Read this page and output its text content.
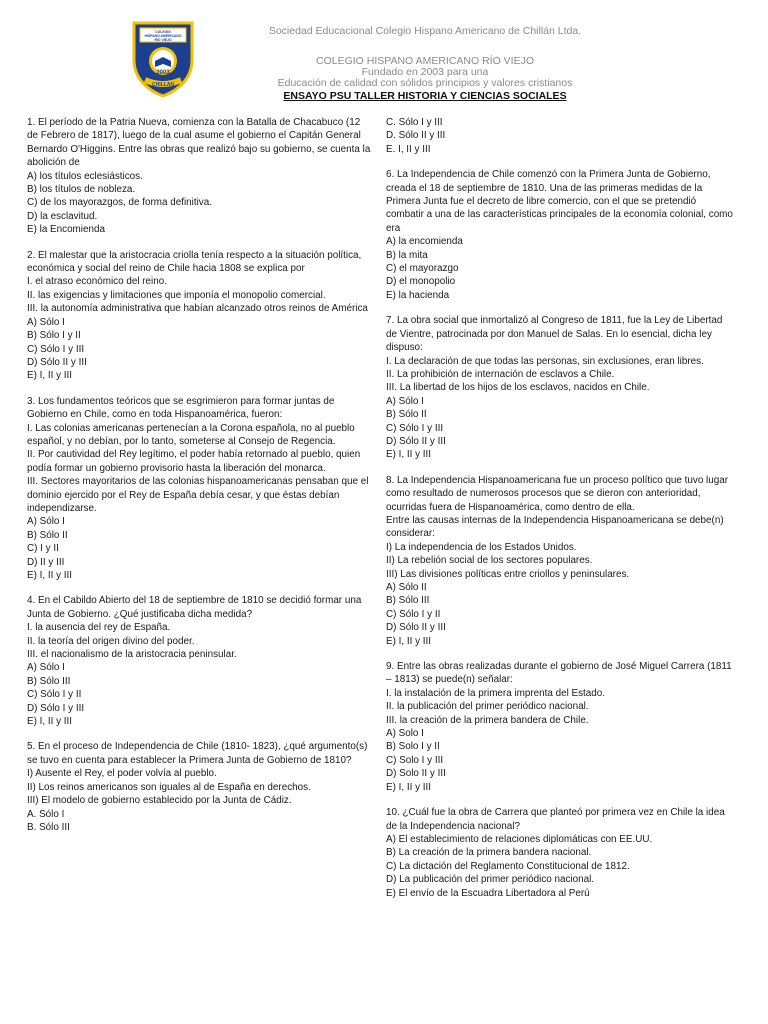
COLEGIO
HISPANO AMERICANO
RIO VIEJO
2003
CHILLAN
Sociedad Educacional Colegio Hispano Americano de Chillán Ltda.
COLEGIO HISPANO AMERICANO RÍO VIEJO
Fundado en 2003 para una
Educación de calidad con sólidos principios y valores cristianos
ENSAYO PSU TALLER HISTORIA Y CIENCIAS SOCIALES

1. El período de la Patria Nueva, comienza con la Batalla de Chacabuco (12 de Febrero de 1817), luego de la cual asume el gobierno el Capitán General Bernardo O'Higgins. Entre las obras que realizó bajo su gobierno, se cuenta la abolición de

A) los títulos eclesiásticos.

B) los títulos de nobleza.

C) de los mayorazgos, de forma definitiva.

D) la esclavitud.

E) la Encomienda

2. El malestar que la aristocracia criolla tenía respecto a la situación política, económica y social del reino de Chile hacia 1808 se explica por

I. el atraso económico del reino.

II. las exigencias y limitaciones que imponía el monopolio comercial.

III. la autonomía administrativa que habían alcanzado otros reinos de América

A) Sólo I

B) Sólo I y II

C) Sólo I y III

D) Sólo II y III

E) I, II y III

3. Los fundamentos teóricos que se esgrimieron para formar juntas de Gobierno en Chile, como en toda Hispanoamérica, fueron:

I. Las colonias americanas pertenecían a la Corona española, no al pueblo español, y no debían, por lo tanto, someterse al Consejo de Regencia.

II. Por cautividad del Rey legítimo, el poder había retornado al pueblo, quien podía formar un gobierno provisorio hasta la liberación del monarca.

III. Sectores mayoritarios de las colonias hispanoamericanas pensaban que el dominio ejercido por el Rey de España debía cesar, y que éstas debían independizarse.

A) Sólo I

B) Sólo II

C) I y II

D) II y III

E) I, II y III

4. En el Cabildo Abierto del 18 de septiembre de 1810 se decidió formar una Junta de Gobierno. ¿Qué justificaba dicha medida?

I. la ausencia del rey de España.

II. la teoría del origen divino del poder.

III. el nacionalismo de la aristocracia peninsular.

A) Sólo I

B) Sólo III

C) Sólo I y II

D) Sólo I y III

E) I, II y III

5. En el proceso de Independencia de Chile (1810- 1823), ¿qué argumento(s) se tuvo en cuenta para establecer la Primera Junta de Gobierno de 1810?

I) Ausente el Rey, el poder volvía al pueblo.

II) Los reinos americanos son iguales al de España en derechos.

III) El modelo de gobierno establecido por la Junta de Cádiz.

A. Sólo I

B. Sólo III

C. Sólo I y III

D. Sólo II y III

E. I, II y III

6. La Independencia de Chile comenzó con la Primera Junta de Gobierno, creada el 18 de septiembre de 1810. Una de las primeras medidas de la Primera Junta fue el decreto de libre comercio, con el que se pretendió combatir a una de las características principales de la economía colonial, como era

A) la encomienda

B) la mita

C) el mayorazgo

D) el monopolio

E) la hacienda

7. La obra social que inmortalizó al Congreso de 1811, fue la Ley de Libertad de Vientre, patrocinada por don Manuel de Salas. En lo esencial, dicha ley dispuso:

I. La declaración de que todas las personas, sin exclusiones, eran libres.

II. La prohibición de internación de esclavos a Chile.

III. La libertad de los hijos de los esclavos, nacidos en Chile.

A) Sólo I

B) Sólo II

C) Sólo I y III

D) Sólo II y III

E) I, II y III

8. La Independencia Hispanoamericana fue un proceso político que tuvo lugar como resultado de numerosos procesos que se dieron con anterioridad, ocurridas fuera de Hispanoamérica, como dentro de ella.

Entre las causas internas de la Independencia Hispanoamericana se debe(n) considerar:

I) La independencia de los Estados Unidos.

II) La rebelión social de los sectores populares.

III) Las divisiones políticas entre criollos y peninsulares.

A) Sólo II

B) Sólo III

C) Sólo I y II

D) Sólo II y III

E) I, II y III

9. Entre las obras realizadas durante el gobierno de José Miguel Carrera (1811 – 1813) se puede(n) señalar:

I. la instalación de la primera imprenta del Estado.

II. la publicación del primer periódico nacional.

III. la creación de la primera bandera de Chile.

A) Solo I

B) Solo I y II

C) Solo I y III

D) Solo II y III

E) I, II y III

10. ¿Cuál fue la obra de Carrera que planteó por primera vez en Chile la idea de la Independencia nacional?

A) El establecimiento de relaciones diplomáticas con EE.UU.

B) La creación de la primera bandera nacional.

C) La dictación del Reglamento Constitucional de 1812.

D) La publicación del primer periódico nacional.

E) El envío de la Escuadra Libertadora al Perú
